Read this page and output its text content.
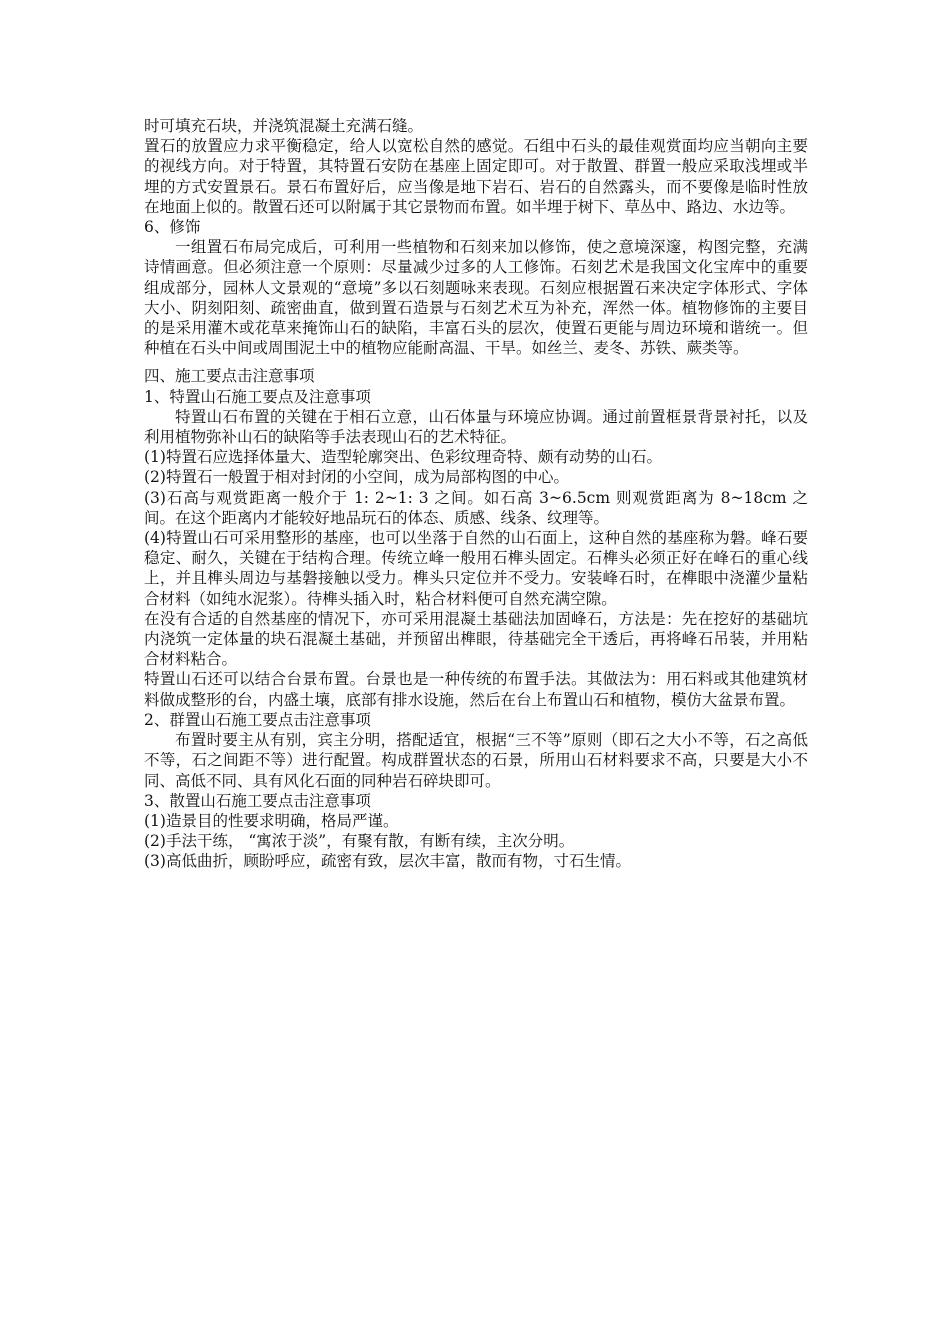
时可填充石块，并浇筑混凝土充满石缝。

置石的放置应力求平衡稳定，给人以宽松自然的感觉。石组中石头的最佳观赏面均应当朝向主要的视线方向。对于特置，其特置石安防在基座上固定即可。对于散置、群置一般应采取浅埋或半埋的方式安置景石。景石布置好后，应当像是地下岩石、岩石的自然露头，而不要像是临时性放在地面上似的。散置石还可以附属于其它景物而布置。如半埋于树下、草丛中、路边、水边等。

6、修饰

一组置石布局完成后，可利用一些植物和石刻来加以修饰，使之意境深邃，构图完整，充满诗情画意。但必须注意一个原则：尽量减少过多的人工修饰。石刻艺术是我国文化宝库中的重要组成部分，园林人文景观的“意境”多以石刻题咏来表现。石刻应根据置石来决定字体形式、字体大小、阴刻阳刻、疏密曲直，做到置石造景与石刻艺术互为补充，浑然一体。植物修饰的主要目的是采用灌木或花草来掩饰山石的缺陷，丰富石头的层次，使置石更能与周边环境和谐统一。但种植在石头中间或周围泥土中的植物应能耐高温、干旱。如丝兰、麦冬、苏铁、蕨类等。

四、施工要点击注意事项

1、特置山石施工要点及注意事项

特置山石布置的关键在于相石立意，山石体量与环境应协调。通过前置框景背景衬托，以及利用植物弥补山石的缺陷等手法表现山石的艺术特征。

(1)特置石应选择体量大、造型轮廓突出、色彩纹理奇特、颇有动势的山石。

(2)特置石一般置于相对封闭的小空间，成为局部构图的中心。

(3)石高与观赏距离一般介于 1: 2~1: 3 之间。如石高 3~6.5cm 则观赏距离为 8~18cm 之间。在这个距离内才能较好地品玩石的体态、质感、线条、纹理等。

(4)特置山石可采用整形的基座，也可以坐落于自然的山石面上，这种自然的基座称为磐。峰石要稳定、耐久，关键在于结构合理。传统立峰一般用石榫头固定。石榫头必须正好在峰石的重心线上，并且榫头周边与基磐接触以受力。榫头只定位并不受力。安装峰石时，在榫眼中浇灌少量粘合材料（如纯水泥浆）。待榫头插入时，粘合材料便可自然充满空隙。

在没有合适的自然基座的情况下，亦可采用混凝土基础法加固峰石，方法是：先在挖好的基础坑内浇筑一定体量的块石混凝土基础，并预留出榫眼，待基础完全干透后，再将峰石吊装，并用粘合材料粘合。

特置山石还可以结合台景布置。台景也是一种传统的布置手法。其做法为：用石料或其他建筑材料做成整形的台，内盛土壤，底部有排水设施，然后在台上布置山石和植物，模仿大盆景布置。

2、群置山石施工要点击注意事项

布置时要主从有别，宾主分明，搭配适宜，根据“三不等”原则（即石之大小不等，石之高低不等，石之间距不等）进行配置。构成群置状态的石景，所用山石材料要求不高，只要是大小不同、高低不同、具有风化石面的同种岩石碎块即可。

3、散置山石施工要点击注意事项

(1)造景目的性要求明确，格局严谨。

(2)手法干练， “寓浓于淡”，有聚有散，有断有续，主次分明。

(3)高低曲折，顾盼呼应，疏密有致，层次丰富，散而有物，寸石生情。
